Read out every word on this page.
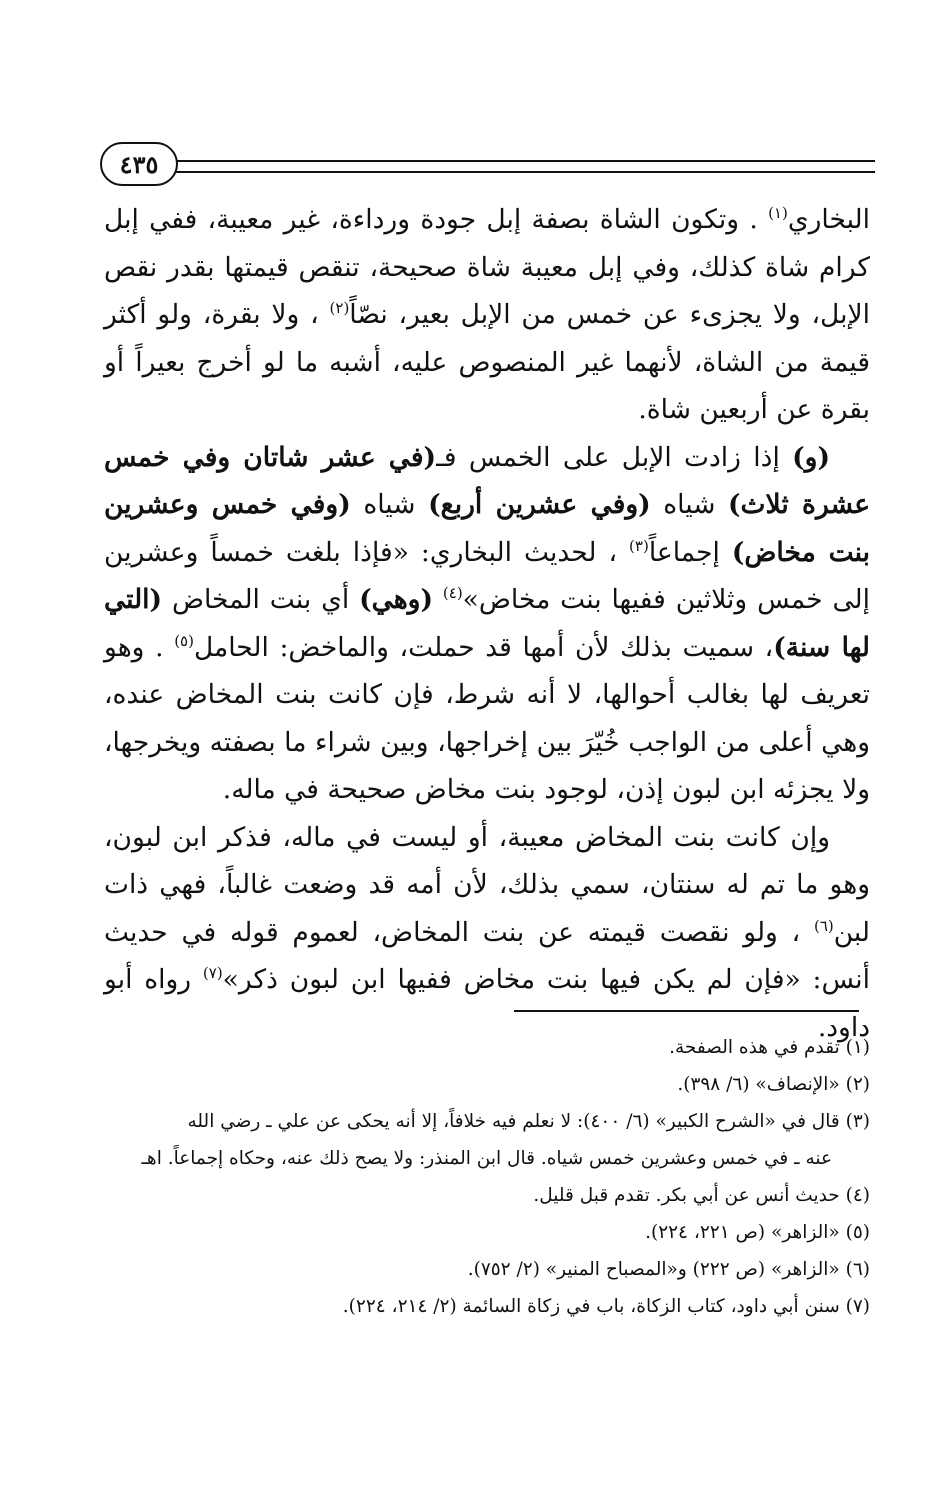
٤٣٥

البخاري$^{(١)}$ . وتكون الشاة بصفة إبل جودة ورداءة، غير معيبة، ففي إبل كرام شاة كذلك، وفي إبل معيبة شاة صحيحة، تنقص قيمتها بقدر نقص الإبل، ولا يجزىء عن خمس من الإبل بعير، نصّاً$^{(٢)}$ ، ولا بقرة، ولو أكثر قيمة من الشاة، لأنهما غير المنصوص عليه، أشبه ما لو أخرج بعيراً أو بقرة عن أربعين شاة.

(و) إذا زادت الإبل على الخمس فـ(في عشر شاتان وفي خمس عشرة ثلاث) شياه (وفي عشرين أربع) شياه (وفي خمس وعشرين بنت مخاض) إجماعاً$^{(٣)}$ ، لحديث البخاري: «فإذا بلغت خمساً وعشرين إلى خمس وثلاثين ففيها بنت مخاض»$^{(٤)}$ (وهي) أي بنت المخاض (التي لها سنة)، سميت بذلك لأن أمها قد حملت، والماخض: الحامل$^{(٥)}$ . وهو تعريف لها بغالب أحوالها، لا أنه شرط، فإن كانت بنت المخاض عنده، وهي أعلى من الواجب خُيّرَ بين إخراجها، وبين شراء ما بصفته ويخرجها، ولا يجزئه ابن لبون إذن، لوجود بنت مخاض صحيحة في ماله.

وإن كانت بنت المخاض معيبة، أو ليست في ماله، فذكر ابن لبون، وهو ما تم له سنتان، سمي بذلك، لأن أمه قد وضعت غالباً، فهي ذات لبن$^{(٦)}$ ، ولو نقصت قيمته عن بنت المخاض، لعموم قوله في حديث أنس: «فإن لم يكن فيها بنت مخاض ففيها ابن لبون ذكر»$^{(٧)}$ رواه أبو داود.

(١) تقدم في هذه الصفحة.

(٢) «الإنصاف» (٦/ ٣٩٨).

(٣) قال في «الشرح الكبير» (٦/ ٤٠٠): لا نعلم فيه خلافاً، إلا أنه يحكى عن علي ـ رضي الله

عنه ـ في خمس وعشرين خمس شياه. قال ابن المنذر: ولا يصح ذلك عنه، وحكاه إجماعاً. اهـ

(٤) حديث أنس عن أبي بكر. تقدم قبل قليل.

(٥) «الزاهر» (ص ٢٢١، ٢٢٤).

(٦) «الزاهر» (ص ٢٢٢) و«المصباح المنير» (٢/ ٧٥٢).

(٧) سنن أبي داود، كتاب الزكاة، باب في زكاة السائمة (٢/ ٢١٤، ٢٢٤).
